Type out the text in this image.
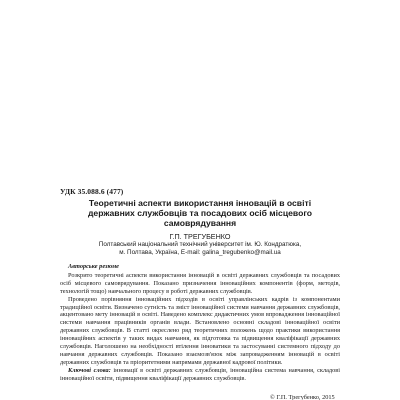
УДК 35.088.6 (477)
Теоретичні аспекти використання інновацій в освіті
державних службовців та посадових осіб місцевого
самоврядування
Г.П. ТРЕГУБЕНКО
Полтавський національний технічний університет ім. Ю. Кондратюка,
м. Полтава, Україна, E-mail: galina_tregubenko@mail.ua

Авторське резюме

Розкрито теоретичні аспекти використання інновацій в освіті державних службовців та посадових осіб місцевого самоврядування. Показано призначення інноваційних компонентів (форм, методів, технологій тощо) навчального процесу в роботі державних службовців.

Проведено порівняння інноваційних підходів в освіті управлінських кадрів із компонентами традиційної освіти. Визначено сутність та зміст інноваційної системи навчання державних службовців, акцентовано мету інновацій в освіті. Наведено комплекс дидактичних умов впровадження інноваційної системи навчання працівників органів влади. Встановлено основні складові інноваційної освіти державних службовців. В статті окреслено ряд теоретичних положень щодо практики використання інноваційних аспектів у таких видах навчання, як підготовка та підвищення кваліфікації державних службовців. Наголошено на необхідності втілення інноватики та застосуванні системного підходу до навчання державних службовців. Показано взаємозв'язок між запровадженням інновацій в освіті державних службовців та пріоритетними напрямами державної кадрової політики.

Ключові слова: інновації в освіті державних службовців, інноваційна система навчання, складові інноваційної освіти, підвищення кваліфікації державних службовців.

© Г.П. Трегубенко, 2015
